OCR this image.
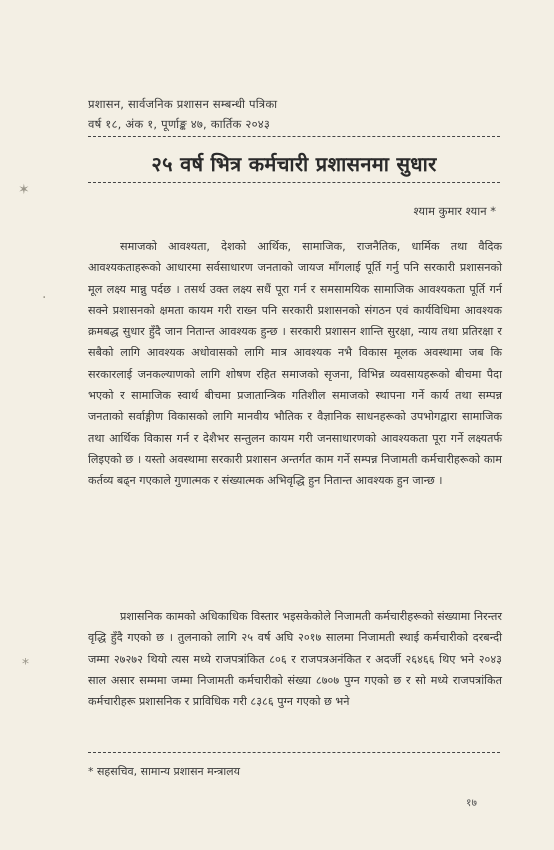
प्रशासन, सार्वजनिक प्रशासन सम्बन्धी पत्रिका
वर्ष १८, अंक १, पूर्णाङ्क ४७, कार्तिक २०४३
२५ वर्ष भित्र कर्मचारी प्रशासनमा सुधार
श्याम कुमार श्यान *

समाजको आवश्यता, देशको आर्थिक, सामाजिक, राजनैतिक, धार्मिक तथा वैदिक आवश्यकताहरूको आधारमा सर्वसाधारण जनताको जायज माँगलाई पूर्ति गर्नु पनि सरकारी प्रशासनको मूल लक्ष्य मान्नु पर्दछ । तसर्थ उक्त लक्ष्य सधैं पूरा गर्न र समसामयिक सामाजिक आवश्यकता पूर्ति गर्न सक्ने प्रशासनको क्षमता कायम गरी राख्न पनि सरकारी प्रशासनको संगठन एवं कार्यविधिमा आवश्यक क्रमबद्ध सुधार हुँदै जान नितान्त आवश्यक हुन्छ । सरकारी प्रशासन शान्ति सुरक्षा, न्याय तथा प्रतिरक्षा र सबैको लागि आवश्यक अधोवासको लागि मात्र आवश्यक नभै विकास मूलक अवस्थामा जब कि सरकारलाई जनकल्याणको लागि शोषण रहित समाजको सृजना, विभिन्न व्यवसायहरूको बीचमा पैदा भएको र सामाजिक स्वार्थ बीचमा प्रजातान्त्रिक गतिशील समाजको स्थापना गर्ने कार्य तथा सम्पन्न जनताको सर्वाङ्गीण विकासको लागि मानवीय भौतिक र वैज्ञानिक साधनहरूको उपभोगद्वारा सामाजिक तथा आर्थिक विकास गर्न र देशैभर सन्तुलन कायम गरी जनसाधारणको आवश्यकता पूरा गर्ने लक्ष्यतर्फ लिइएको छ । यस्तो अवस्थामा सरकारी प्रशासन अन्तर्गत काम गर्ने सम्पन्न निजामती कर्मचारीहरूको काम कर्तव्य बढ्न गएकाले गुणात्मक र संख्यात्मक अभिवृद्धि हुन नितान्त आवश्यक हुन जान्छ ।

प्रशासनिक कामको अधिकाधिक विस्तार भइसकेकोले निजामती कर्मचारीहरूको संख्यामा निरन्तर वृद्धि हुँदै गएको छ । तुलनाको लागि २५ वर्ष अघि २०१७ सालमा निजामती स्थाई कर्मचारीको दरबन्दी जम्मा २७२७२ थियो त्यस मध्ये राजपत्रांकित ८०६ र राजपत्रअनंकित र अदर्जी २६४६६ थिए भने २०४३ साल असार सम्ममा जम्मा निजामती कर्मचारीको संख्या ८७०७ पुग्न गएको छ र सो मध्ये राजपत्रांकित कर्मचारीहरू प्रशासनिक र प्राविधिक गरी ८३८६ पुग्न गएको छ भने

* सहसचिव, सामान्य प्रशासन मन्त्रालय
१७
✶
·
⁎
